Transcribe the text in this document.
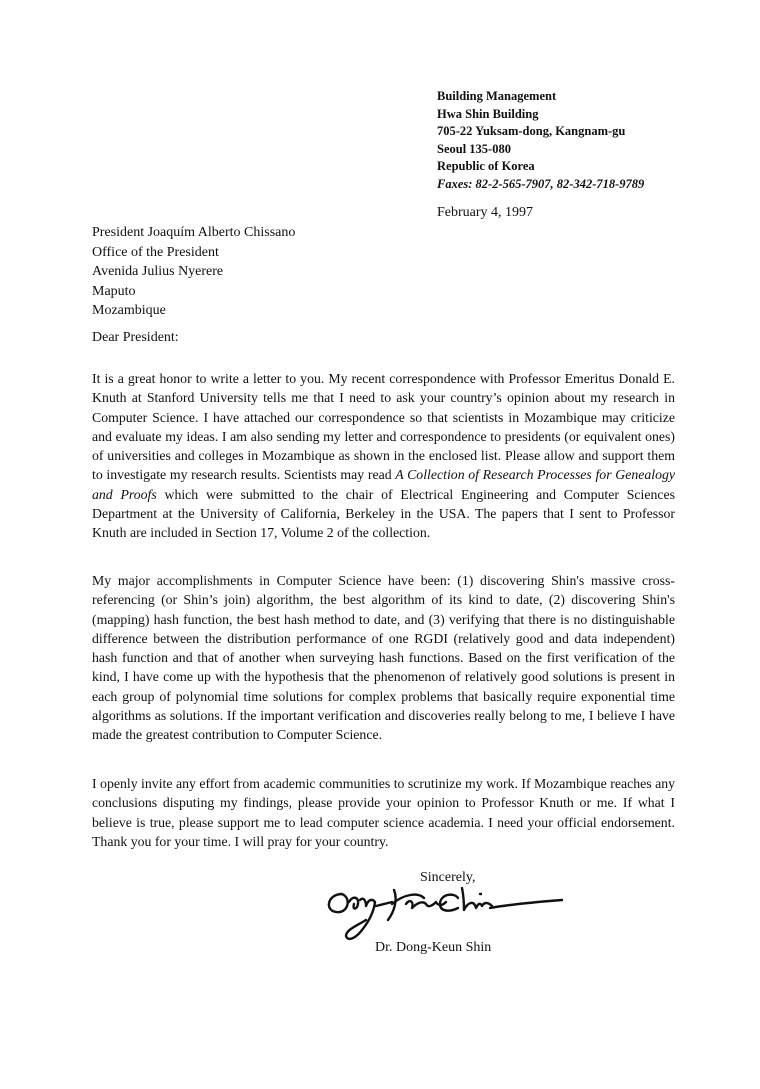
Building Management
Hwa Shin Building
705-22 Yuksam-dong, Kangnam-gu
Seoul 135-080
Republic of Korea
Faxes: 82-2-565-7907, 82-342-718-9789
February 4, 1997
President Joaquím Alberto Chissano
Office of the President
Avenida Julius Nyerere
Maputo
Mozambique
Dear President:

It is a great honor to write a letter to you. My recent correspondence with Professor Emeritus Donald E. Knuth at Stanford University tells me that I need to ask your country’s opinion about my research in Computer Science. I have attached our correspondence so that scientists in Mozambique may criticize and evaluate my ideas. I am also sending my letter and correspondence to presidents (or equivalent ones) of universities and colleges in Mozambique as shown in the enclosed list. Please allow and support them to investigate my research results. Scientists may read A Collection of Research Processes for Genealogy and Proofs which were submitted to the chair of Electrical Engineering and Computer Sciences Department at the University of California, Berkeley in the USA. The papers that I sent to Professor Knuth are included in Section 17, Volume 2 of the collection.

My major accomplishments in Computer Science have been: (1) discovering Shin's massive cross-referencing (or Shin’s join) algorithm, the best algorithm of its kind to date, (2) discovering Shin's (mapping) hash function, the best hash method to date, and (3) verifying that there is no distinguishable difference between the distribution performance of one RGDI (relatively good and data independent) hash function and that of another when surveying hash functions. Based on the first verification of the kind, I have come up with the hypothesis that the phenomenon of relatively good solutions is present in each group of polynomial time solutions for complex problems that basically require exponential time algorithms as solutions. If the important verification and discoveries really belong to me, I believe I have made the greatest contribution to Computer Science.

I openly invite any effort from academic communities to scrutinize my work. If Mozambique reaches any conclusions disputing my findings, please provide your opinion to Professor Knuth or me. If what I believe is true, please support me to lead computer science academia. I need your official endorsement. Thank you for your time. I will pray for your country.

Sincerely,
Dr. Dong-Keun Shin
